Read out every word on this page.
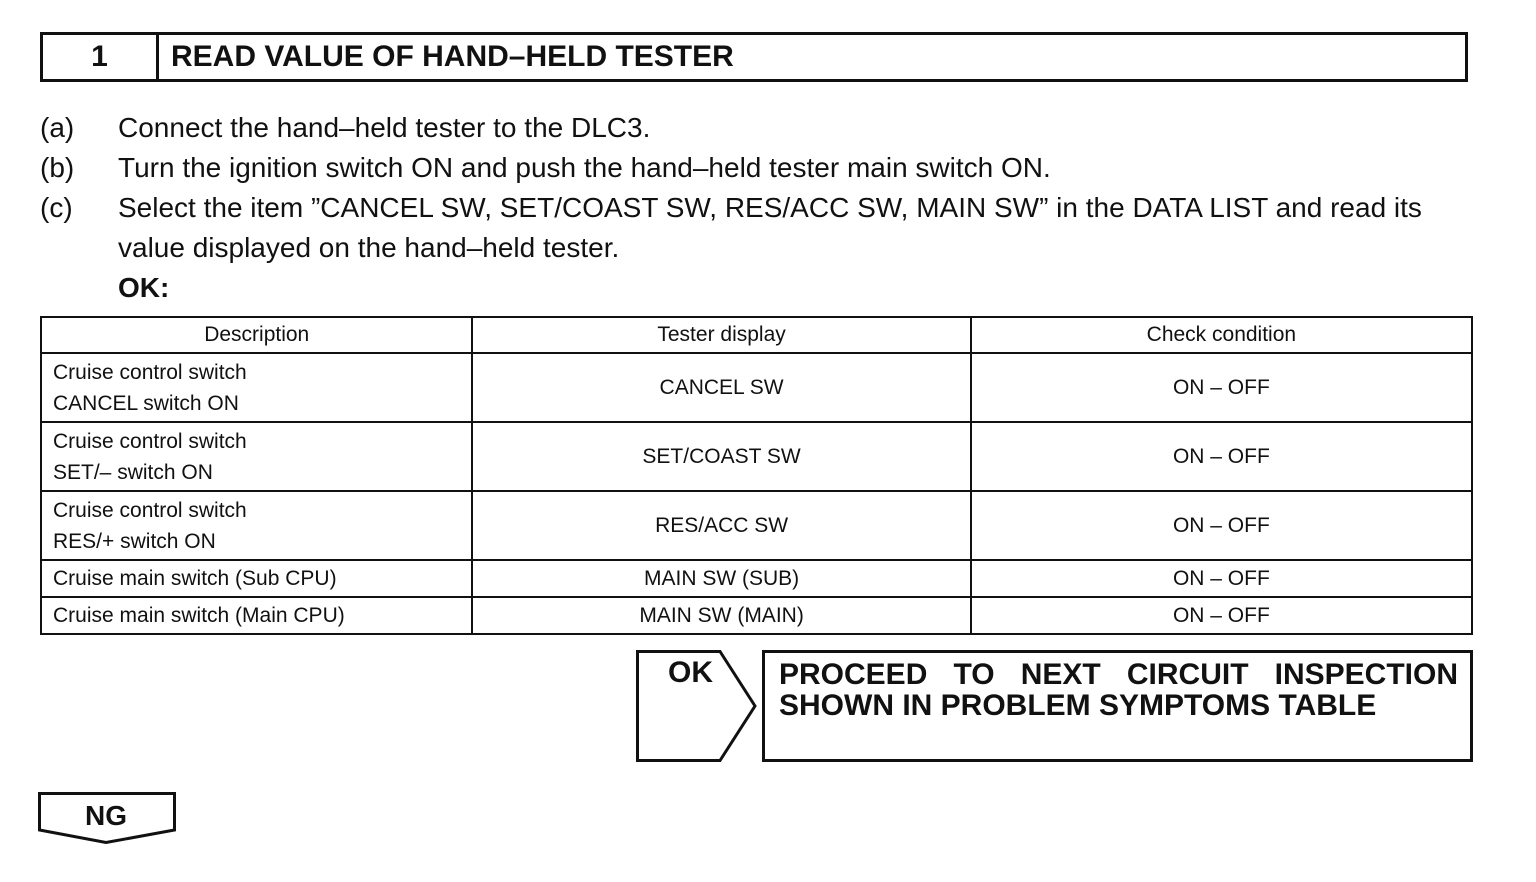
1	READ VALUE OF HAND–HELD TESTER
(a)	Connect the hand–held tester to the DLC3.
(b)	Turn the ignition switch ON and push the hand–held tester main switch ON.
(c)	Select the item ”CANCEL SW, SET/COAST SW, RES/ACC SW, MAIN SW” in the DATA LIST and read its value displayed on the hand–held tester.
OK:
Description	Tester display	Check condition

Cruise control switch
CANCEL switch ON	CANCEL SW	ON – OFF

Cruise control switch
SET/– switch ON	SET/COAST SW	ON – OFF

Cruise control switch
RES/+ switch ON	RES/ACC SW	ON – OFF
Cruise main switch (Sub CPU)	MAIN SW (SUB)	ON – OFF
Cruise main switch (Main CPU)	MAIN SW (MAIN)	ON – OFF
OK PROCEED TO NEXT CIRCUIT INSPECTION
SHOWN IN PROBLEM SYMPTOMS TABLE
NG
